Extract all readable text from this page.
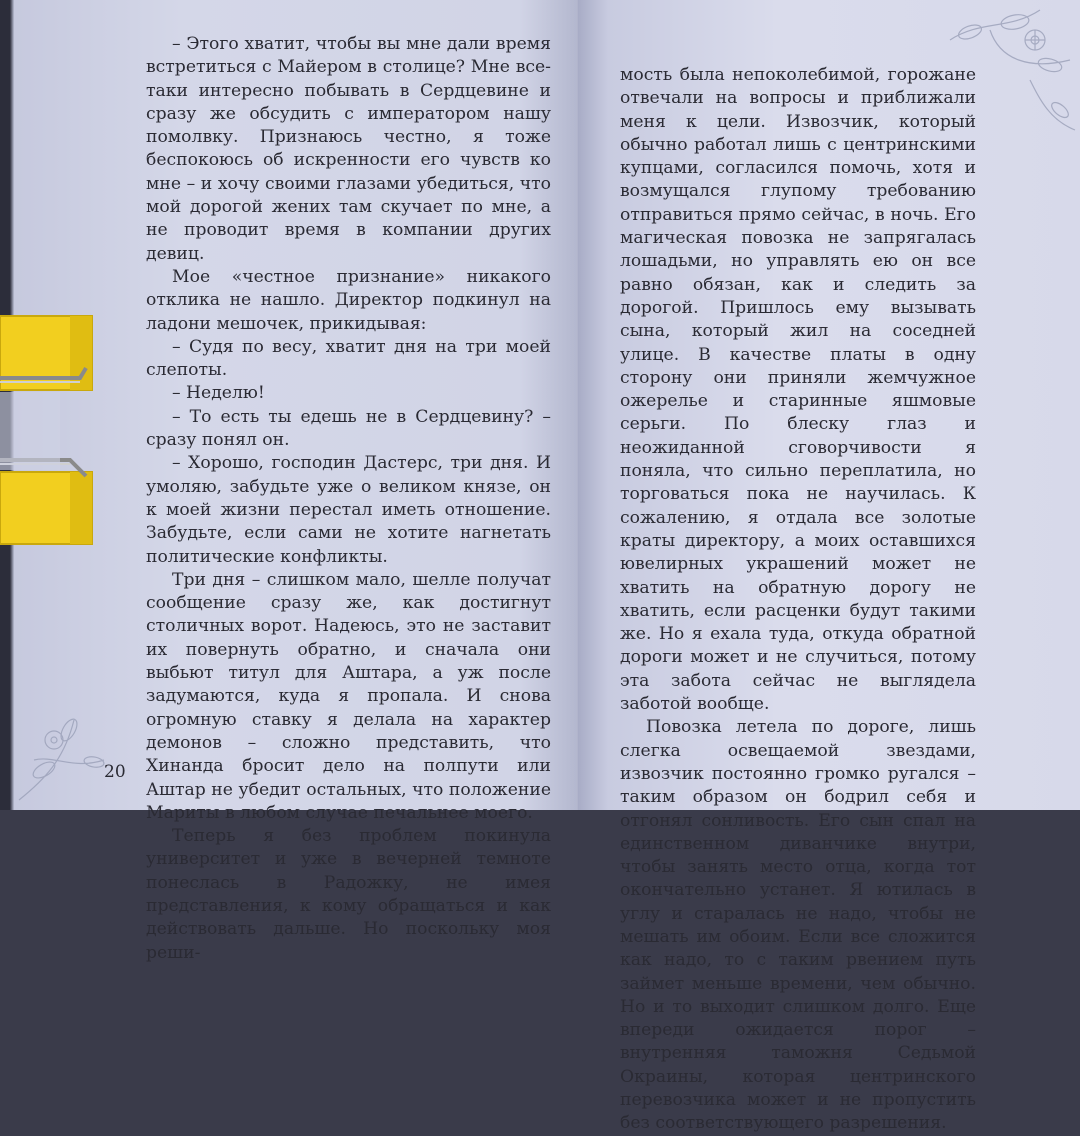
– Этого хватит, чтобы вы мне дали время встретиться с Майером в столице? Мне все-таки интересно побывать в Сердцевине и сразу же обсудить с императором нашу помолвку. Признаюсь честно, я тоже беспокоюсь об искренности его чувств ко мне – и хочу своими глазами убедиться, что мой дорогой жених там скучает по мне, а не проводит время в компании других девиц.

Мое «честное признание» никакого отклика не нашло. Директор подкинул на ладони мешочек, прикидывая:

– Судя по весу, хватит дня на три моей слепоты.

– Неделю!

– То есть ты едешь не в Сердцевину? – сразу понял он.

– Хорошо, господин Дастерс, три дня. И умоляю, забудьте уже о великом князе, он к моей жизни перестал иметь отношение. Забудьте, если сами не хотите нагнетать политические конфликты.

Три дня – слишком мало, шелле получат сообщение сразу же, как достигнут столичных ворот. Надеюсь, это не заставит их повернуть обратно, и сначала они выбьют титул для Аштара, а уж после задумаются, куда я пропала. И снова огромную ставку я делала на характер демонов – сложно представить, что Хинанда бросит дело на полпути или Аштар не убедит остальных, что положение Мариты в любом случае печальнее моего.

Теперь я без проблем покинула университет и уже в вечерней темноте понеслась в Радожку, не имея представления, к кому обращаться и как действовать дальше. Но поскольку моя реши-

20

мость была непоколебимой, горожане отвечали на вопросы и приближали меня к цели. Извозчик, который обычно работал лишь с центринскими купцами, согласился помочь, хотя и возмущался глупому требованию отправиться прямо сейчас, в ночь. Его магическая повозка не запрягалась лошадьми, но управлять ею он все равно обязан, как и следить за дорогой. Пришлось ему вызывать сына, который жил на соседней улице. В качестве платы в одну сторону они приняли жемчужное ожерелье и старинные яшмовые серьги. По блеску глаз и неожиданной сговорчивости я поняла, что сильно переплатила, но торговаться пока не научилась. К сожалению, я отдала все золотые краты директору, а моих оставшихся ювелирных украшений может не хватить на обратную дорогу не хватить, если расценки будут такими же. Но я ехала туда, откуда обратной дороги может и не случиться, потому эта забота сейчас не выглядела заботой вообще.

Повозка летела по дороге, лишь слегка освещаемой звездами, извозчик постоянно громко ругался – таким образом он бодрил себя и отгонял сонливость. Его сын спал на единственном диванчике внутри, чтобы занять место отца, когда тот окончательно устанет. Я ютилась в углу и старалась не надо, чтобы не мешать им обоим. Если все сложится как надо, то с таким рвением путь займет меньше времени, чем обычно. Но и то выходит слишком долго. Еще впереди ожидается порог – внутренняя таможня Седьмой Окраины, которая центринского перевозчика может и не пропустить без соответствующего разрешения.
